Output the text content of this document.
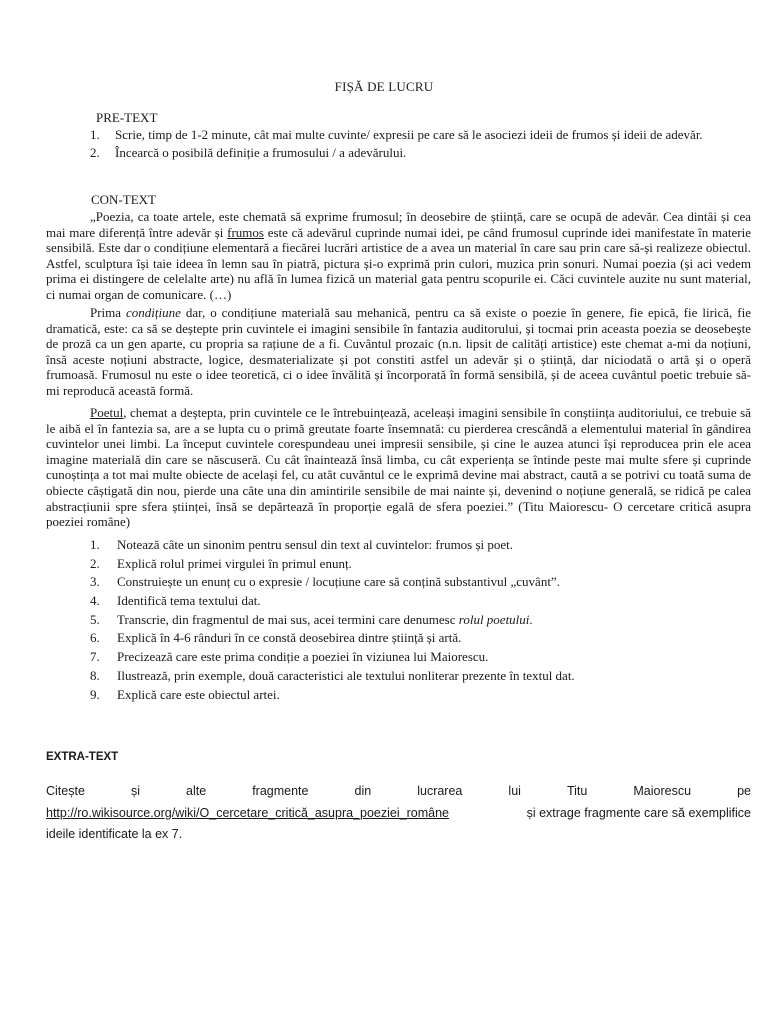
FIȘĂ DE LUCRU
PRE-TEXT
1.	Scrie, timp de 1-2 minute, cât mai multe cuvinte/ expresii pe care să le asociezi ideii de frumos și ideii de adevăr.
2.	Încearcă o posibilă definiție a frumosului / a adevărului.
CON-TEXT

„Poezia, ca toate artele, este chemată să exprime frumosul; în deosebire de știință, care se ocupă de adevăr. Cea dintâi și cea mai mare diferență între adevăr și frumos este că adevărul cuprinde numai idei, pe când frumosul cuprinde idei manifestate în materie sensibilă. Este dar o condițiune elementară a fiecărei lucrări artistice de a avea un material în care sau prin care să-și realizeze obiectul. Astfel, sculptura își taie ideea în lemn sau în piatră, pictura și-o exprimă prin culori, muzica prin sonuri. Numai poezia (și aci vedem prima ei distingere de celelalte arte) nu află în lumea fizică un material gata pentru scopurile ei. Căci cuvintele auzite nu sunt material, ci numai organ de comunicare. (…)

Prima condițiune dar, o condițiune materială sau mehanică, pentru ca să existe o poezie în genere, fie epică, fie lirică, fie dramatică, este: ca să se deștepte prin cuvintele ei imagini sensibile în fantazia auditorului, și tocmai prin aceasta poezia se deosebește de proză ca un gen aparte, cu propria sa rațiune de a fi. Cuvântul prozaic (n.n. lipsit de calități artistice) este chemat a-mi da noțiuni, însă aceste noțiuni abstracte, logice, desmaterializate și pot constiti astfel un adevăr și o știință, dar niciodată o artă și o operă frumoasă. Frumosul nu este o idee teoretică, ci o idee învălită și încorporată în formă sensibilă, și de aceea cuvântul poetic trebuie să-mi reproducă această formă.

Poetul, chemat a deștepta, prin cuvintele ce le întrebuințează, aceleași imagini sensibile în conștiința auditoriului, ce trebuie să le aibă el în fantezia sa, are a se lupta cu o primă greutate foarte însemnată: cu pierderea crescândă a elementului material în gândirea cuvintelor unei limbi. La început cuvintele corespundeau unei impresii sensibile, și cine le auzea atunci își reproducea prin ele acea imagine materială din care se născuseră. Cu cât înaintează însă limba, cu cât experiența se întinde peste mai multe sfere și cuprinde cunoștința a tot mai multe obiecte de același fel, cu atât cuvântul ce le exprimă devine mai abstract, caută a se potrivi cu toată suma de obiecte câștigată din nou, pierde una câte una din amintirile sensibile de mai nainte și, devenind o noțiune generală, se ridică pe calea abstracțiunii spre sfera științei, însă se depărtează în proporție egală de sfera poeziei.” (Titu Maiorescu- O cercetare critică asupra poeziei române)

1. Notează câte un sinonim pentru sensul din text al cuvintelor: frumos și poet.
2. Explică rolul primei virgulei în primul enunț.
3. Construiește un enunț cu o expresie / locuțiune care să conțină substantivul „cuvânt”.
4. Identifică tema textului dat.
5. Transcrie, din fragmentul de mai sus, acei termini care denumesc rolul poetului.
6. Explică în 4-6 rânduri în ce constă deosebirea dintre știință și artă.
7. Precizează care este prima condiție a poeziei în viziunea lui Maiorescu.
8. Ilustrează, prin exemple, două caracteristici ale textului nonliterar prezente în textul dat.
9. Explică care este obiectul artei.
EXTRA-TEXT
Citește	și	alte	fragmente	din	lucrarea	lui	Titu	Maiorescu	pe
http://ro.wikisource.org/wiki/O_cercetare_critică_asupra_poeziei_române	și extrage fragmente care să exemplifice
ideile identificate la ex 7.
